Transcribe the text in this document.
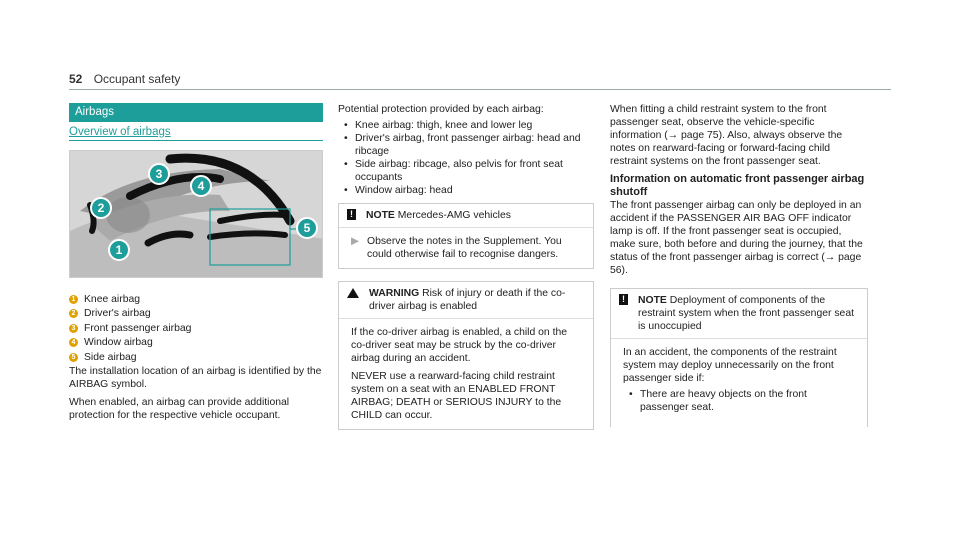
52 Occupant safety
Airbags
Overview of airbags
3
4
2
1
5
1 Knee airbag
2 Driver's airbag
3 Front passenger airbag
4 Window airbag
5 Side airbag

The installation location of an airbag is identified by the AIRBAG symbol.

When enabled, an airbag can provide additional protection for the respective vehicle occupant.

Potential protection provided by each airbag:
• Knee airbag: thigh, knee and lower leg
• Driver's airbag, front passenger airbag: head and ribcage
• Side airbag: ribcage, also pelvis for front seat occupants
• Window airbag: head
! NOTE Mercedes-AMG vehicles
▶ Observe the notes in the Supplement. You could otherwise fail to recognise dangers.
WARNING Risk of injury or death if the co-driver airbag is enabled

If the co-driver airbag is enabled, a child on the co-driver seat may be struck by the co-driver airbag during an accident.

NEVER use a rearward-facing child restraint system on a seat with an ENABLED FRONT AIRBAG; DEATH or SERIOUS INJURY to the CHILD can occur.

When fitting a child restraint system to the front passenger seat, observe the vehicle-specific information (→ page 75). Also, always observe the notes on rearward-facing or forward-facing child restraint systems on the front passenger seat.

Information on automatic front passenger airbag shutoff

The front passenger airbag can only be deployed in an accident if the PASSENGER AIR BAG OFF indicator lamp is off. If the front passenger seat is occupied, make sure, both before and during the journey, that the status of the front passenger airbag is correct (→ page 56).

! NOTE Deployment of components of the restraint system when the front passenger seat is unoccupied
In an accident, the components of the restraint system may deploy unnecessarily on the front passenger side if:
• There are heavy objects on the front passenger seat.
